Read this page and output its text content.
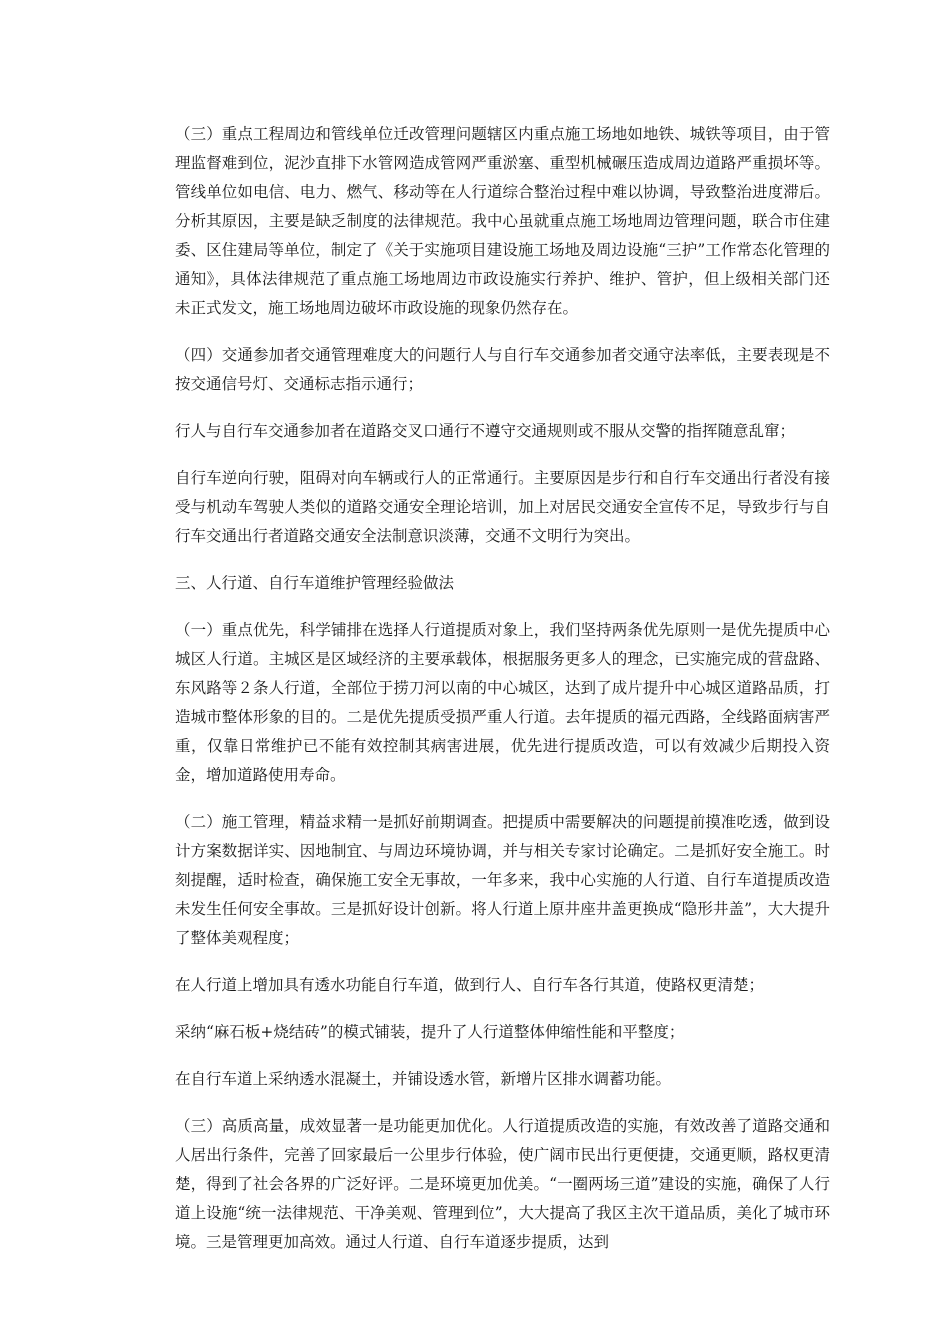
（三）重点工程周边和管线单位迁改管理问题辖区内重点施工场地如地铁、城铁等项目，由于管理监督难到位，泥沙直排下水管网造成管网严重淤塞、重型机械碾压造成周边道路严重损坏等。管线单位如电信、电力、燃气、移动等在人行道综合整治过程中难以协调，导致整治进度滞后。分析其原因，主要是缺乏制度的法律规范。我中心虽就重点施工场地周边管理问题，联合市住建委、区住建局等单位，制定了《关于实施项目建设施工场地及周边设施“三护”工作常态化管理的通知》，具体法律规范了重点施工场地周边市政设施实行养护、维护、管护，但上级相关部门还未正式发文，施工场地周边破坏市政设施的现象仍然存在。

（四）交通参加者交通管理难度大的问题行人与自行车交通参加者交通守法率低，主要表现是不按交通信号灯、交通标志指示通行；

行人与自行车交通参加者在道路交叉口通行不遵守交通规则或不服从交警的指挥随意乱窜；

自行车逆向行驶，阻碍对向车辆或行人的正常通行。主要原因是步行和自行车交通出行者没有接受与机动车驾驶人类似的道路交通安全理论培训，加上对居民交通安全宣传不足，导致步行与自行车交通出行者道路交通安全法制意识淡薄，交通不文明行为突出。

三、人行道、自行车道维护管理经验做法

（一）重点优先，科学铺排在选择人行道提质对象上，我们坚持两条优先原则一是优先提质中心城区人行道。主城区是区域经济的主要承载体，根据服务更多人的理念，已实施完成的营盘路、东风路等２条人行道，全部位于捞刀河以南的中心城区，达到了成片提升中心城区道路品质，打造城市整体形象的目的。二是优先提质受损严重人行道。去年提质的福元西路，全线路面病害严重，仅靠日常维护已不能有效控制其病害进展，优先进行提质改造，可以有效减少后期投入资金，增加道路使用寿命。

（二）施工管理，精益求精一是抓好前期调查。把提质中需要解决的问题提前摸准吃透，做到设计方案数据详实、因地制宜、与周边环境协调，并与相关专家讨论确定。二是抓好安全施工。时刻提醒，适时检查，确保施工安全无事故，一年多来，我中心实施的人行道、自行车道提质改造未发生任何安全事故。三是抓好设计创新。将人行道上原井座井盖更换成“隐形井盖”，大大提升了整体美观程度；

在人行道上增加具有透水功能自行车道，做到行人、自行车各行其道，使路权更清楚；

采纳“麻石板+烧结砖”的模式铺装，提升了人行道整体伸缩性能和平整度；

在自行车道上采纳透水混凝土，并铺设透水管，新增片区排水调蓄功能。

（三）高质高量，成效显著一是功能更加优化。人行道提质改造的实施，有效改善了道路交通和人居出行条件，完善了回家最后一公里步行体验，使广阔市民出行更便捷，交通更顺，路权更清楚，得到了社会各界的广泛好评。二是环境更加优美。“一圈两场三道”建设的实施，确保了人行道上设施“统一法律规范、干净美观、管理到位”，大大提高了我区主次干道品质，美化了城市环境。三是管理更加高效。通过人行道、自行车道逐步提质，达到
